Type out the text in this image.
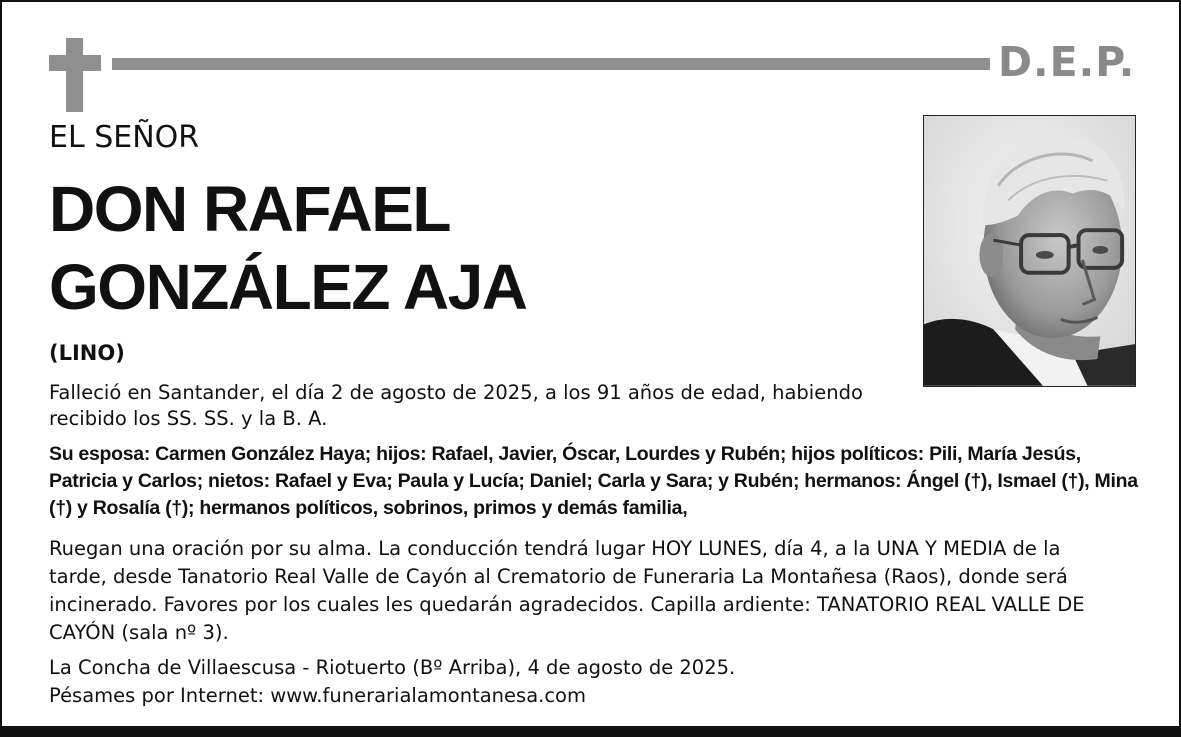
D.E.P.
EL SEÑOR
DON RAFAEL
GONZÁLEZ AJA
(LINO)

Falleció en Santander, el día 2 de agosto de 2025, a los 91 años de edad, habiendo recibido los SS. SS. y la B. A.

Su esposa: Carmen González Haya; hijos: Rafael, Javier, Óscar, Lourdes y Rubén; hijos políticos: Pili, María Jesús, Patricia y Carlos; nietos: Rafael y Eva; Paula y Lucía; Daniel; Carla y Sara; y Rubén; hermanos: Ángel (†), Ismael (†), Mina (†) y Rosalía (†); hermanos políticos, sobrinos, primos y demás familia,

Ruegan una oración por su alma. La conducción tendrá lugar HOY LUNES, día 4, a la UNA Y MEDIA de la tarde, desde Tanatorio Real Valle de Cayón al Crematorio de Funeraria La Montañesa (Raos), donde será incinerado. Favores por los cuales les quedarán agradecidos. Capilla ardiente: TANATORIO REAL VALLE DE CAYÓN (sala nº 3).

La Concha de Villaescusa - Riotuerto (Bº Arriba), 4 de agosto de 2025.
Pésames por Internet: www.funerarialamontanesa.com
